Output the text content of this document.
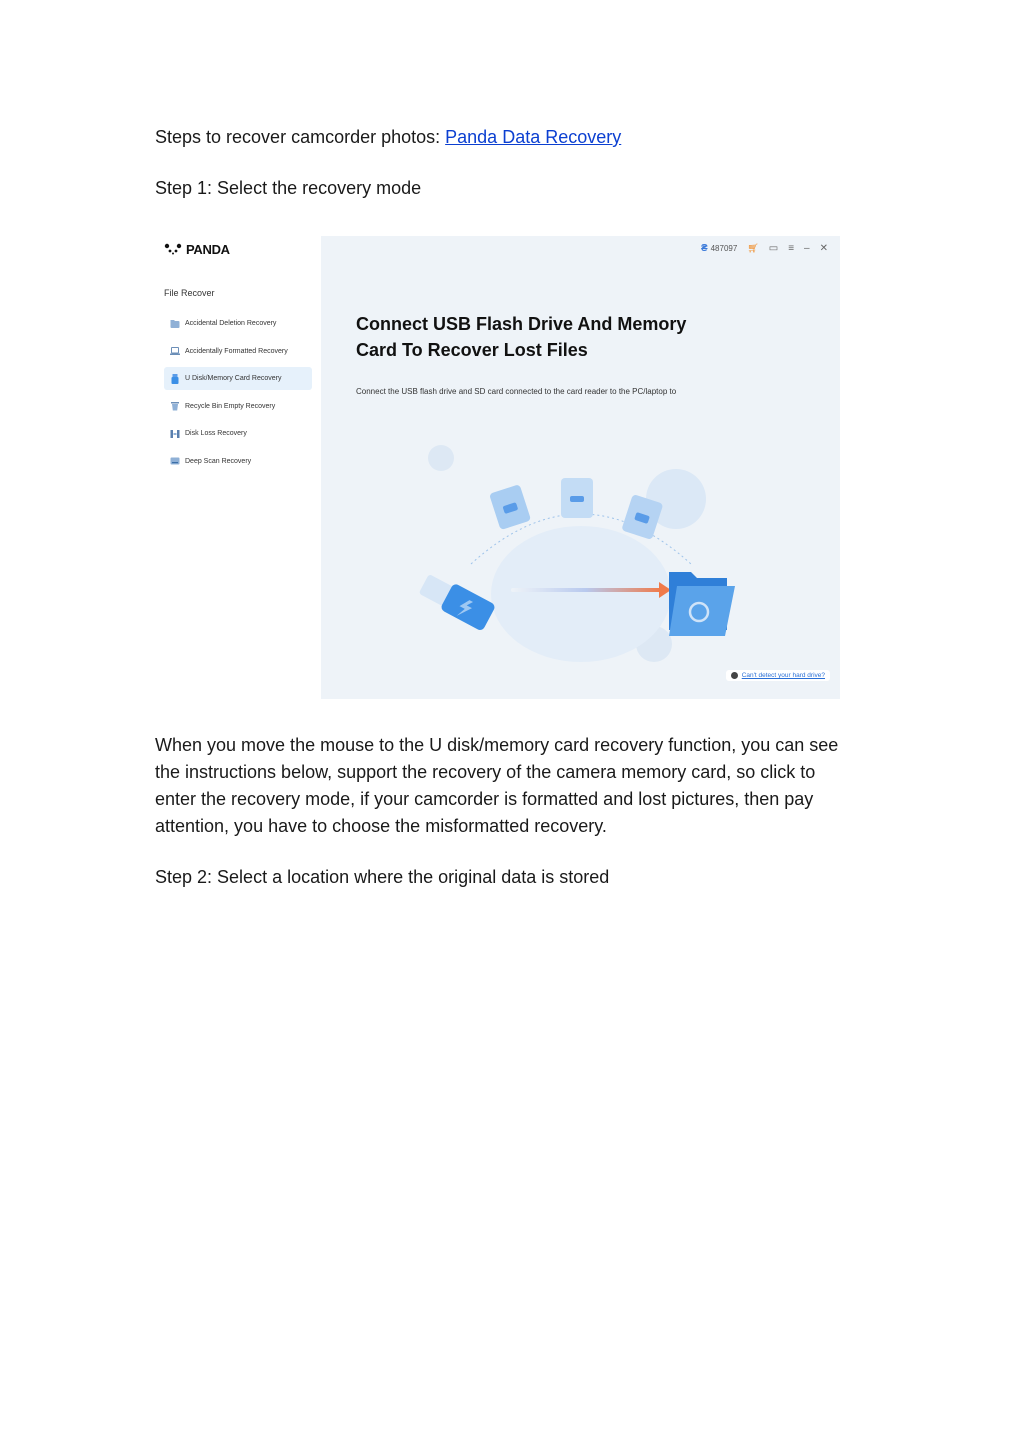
Steps to recover camcorder photos: Panda Data Recovery

Step 1: Select the recovery mode

PANDA
File Recover
Accidental Deletion Recovery
Accidentally Formatted Recovery
U Disk/Memory Card Recovery
Recycle Bin Empty Recovery
Disk Loss Recovery
Deep Scan Recovery
₴ 487097 🛒︎ ▭ ≡ – ✕

Connect USB Flash Drive And Memory
Card To Recover Lost Files

Connect the USB flash drive and SD card connected to the card reader to the PC/laptop to
Can't detect your hard drive?

When you move the mouse to the U disk/memory card recovery function, you can see the instructions below, support the recovery of the camera memory card, so click to enter the recovery mode, if your camcorder is formatted and lost pictures, then pay attention, you have to choose the misformatted recovery.

Step 2: Select a location where the original data is stored
